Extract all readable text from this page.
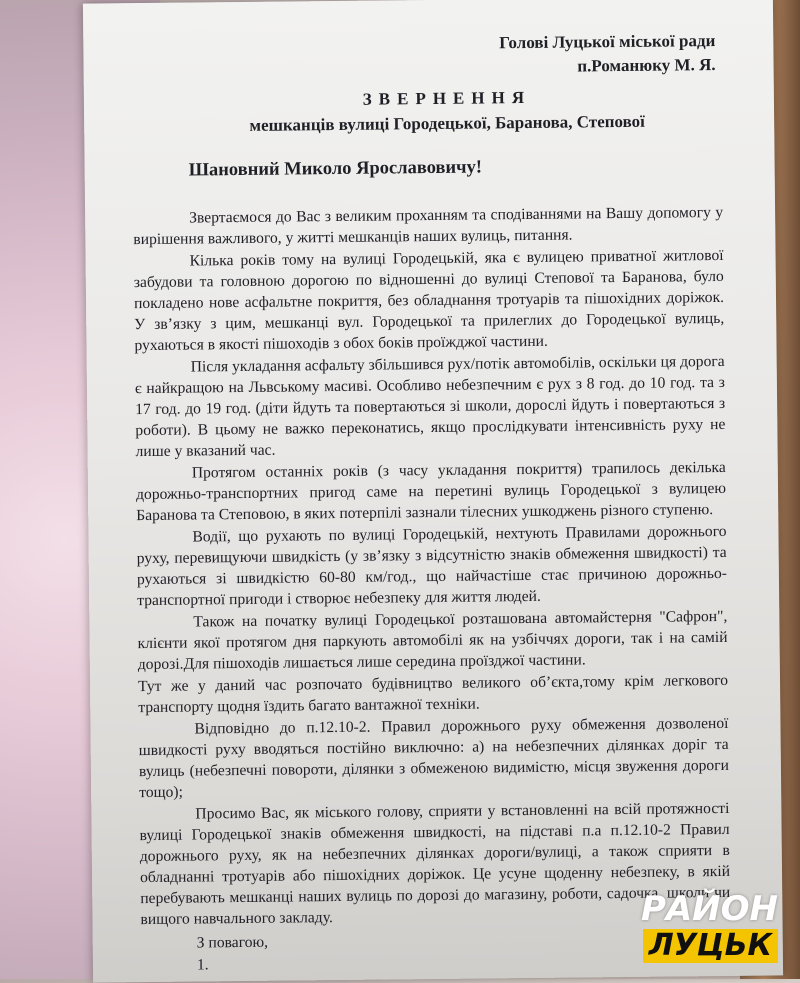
Голові Луцької міської ради
п.Романюку М. Я.
ЗВЕРНЕННЯ
мешканців вулиці Городецької, Баранова, Степової
Шановний Миколо Ярославовичу!

Звертаємося до Вас з великим проханням та сподіваннями на Вашу допомогу у вирішення важливого, у житті мешканців наших вулиць, питання.

Кілька років тому на вулиці Городецькій, яка є вулицею приватної житлової забудови та головною дорогою по відношенні до вулиці Степової та Баранова, було покладено нове асфальтне покриття, без обладнання тротуарів та пішохідних доріжок. У зв’язку з цим, мешканці вул. Городецької та прилеглих до Городецької вулиць, рухаються в якості пішоходів з обох боків проїжджої частини.

Після укладання асфальту збільшився рух/потік автомобілів, оскільки ця дорога є найкращою на Львському масиві. Особливо небезпечним є рух з 8 год. до 10 год. та з 17 год. до 19 год. (діти йдуть та повертаються зі школи, дорослі йдуть і повертаються з роботи). В цьому не важко переконатись, якщо прослідкувати інтенсивність руху не лише у вказаний час.

Протягом останніх років (з часу укладання покриття) трапилось декілька дорожньо-транспортних пригод саме на перетині вулиць Городецької з вулицею Баранова та Степовою, в яких потерпілі зазнали тілесних ушкоджень різного ступеню.

Водії, що рухають по вулиці Городецькій, нехтують Правилами дорожнього руху, перевищуючи швидкість (у зв’язку з відсутністю знаків обмеження швидкості) та рухаються зі швидкістю 60-80 км/год., що найчастіше стає причиною дорожньо-транспортної пригоди і створює небезпеку для життя людей.

Також на початку вулиці Городецької розташована автомайстерня "Сафрон", клієнти якої протягом дня паркують автомобілі як на узбіччях дороги, так і на самій дорозі.Для пішоходів лишається лише середина проїзджої частини.

Тут же у даний час розпочато будівництво великого об’єкта,тому крім легкового транспорту щодня їздить багато вантажної техніки.

Відповідно до п.12.10-2. Правил дорожнього руху обмеження дозволеної швидкості руху вводяться постійно виключно: а) на небезпечних ділянках доріг та вулиць (небезпечні повороти, ділянки з обмеженою видимістю, місця звуження дороги тощо);

Просимо Вас, як міського голову, сприяти у встановленні на всій протяжності вулиці Городецької знаків обмеження швидкості, на підставі п.а п.12.10-2 Правил дорожнього руху, як на небезпечних ділянках дороги/вулиці, а також сприяти в обладнанні тротуарів або пішохідних доріжок. Це усуне щоденну небезпеку, в якій перебувають мешканці наших вулиць по дорозі до магазину, роботи, садочка, школи чи вищого навчального закладу.

З повагою,
1.
РАЙОН ЛУЦЬК
